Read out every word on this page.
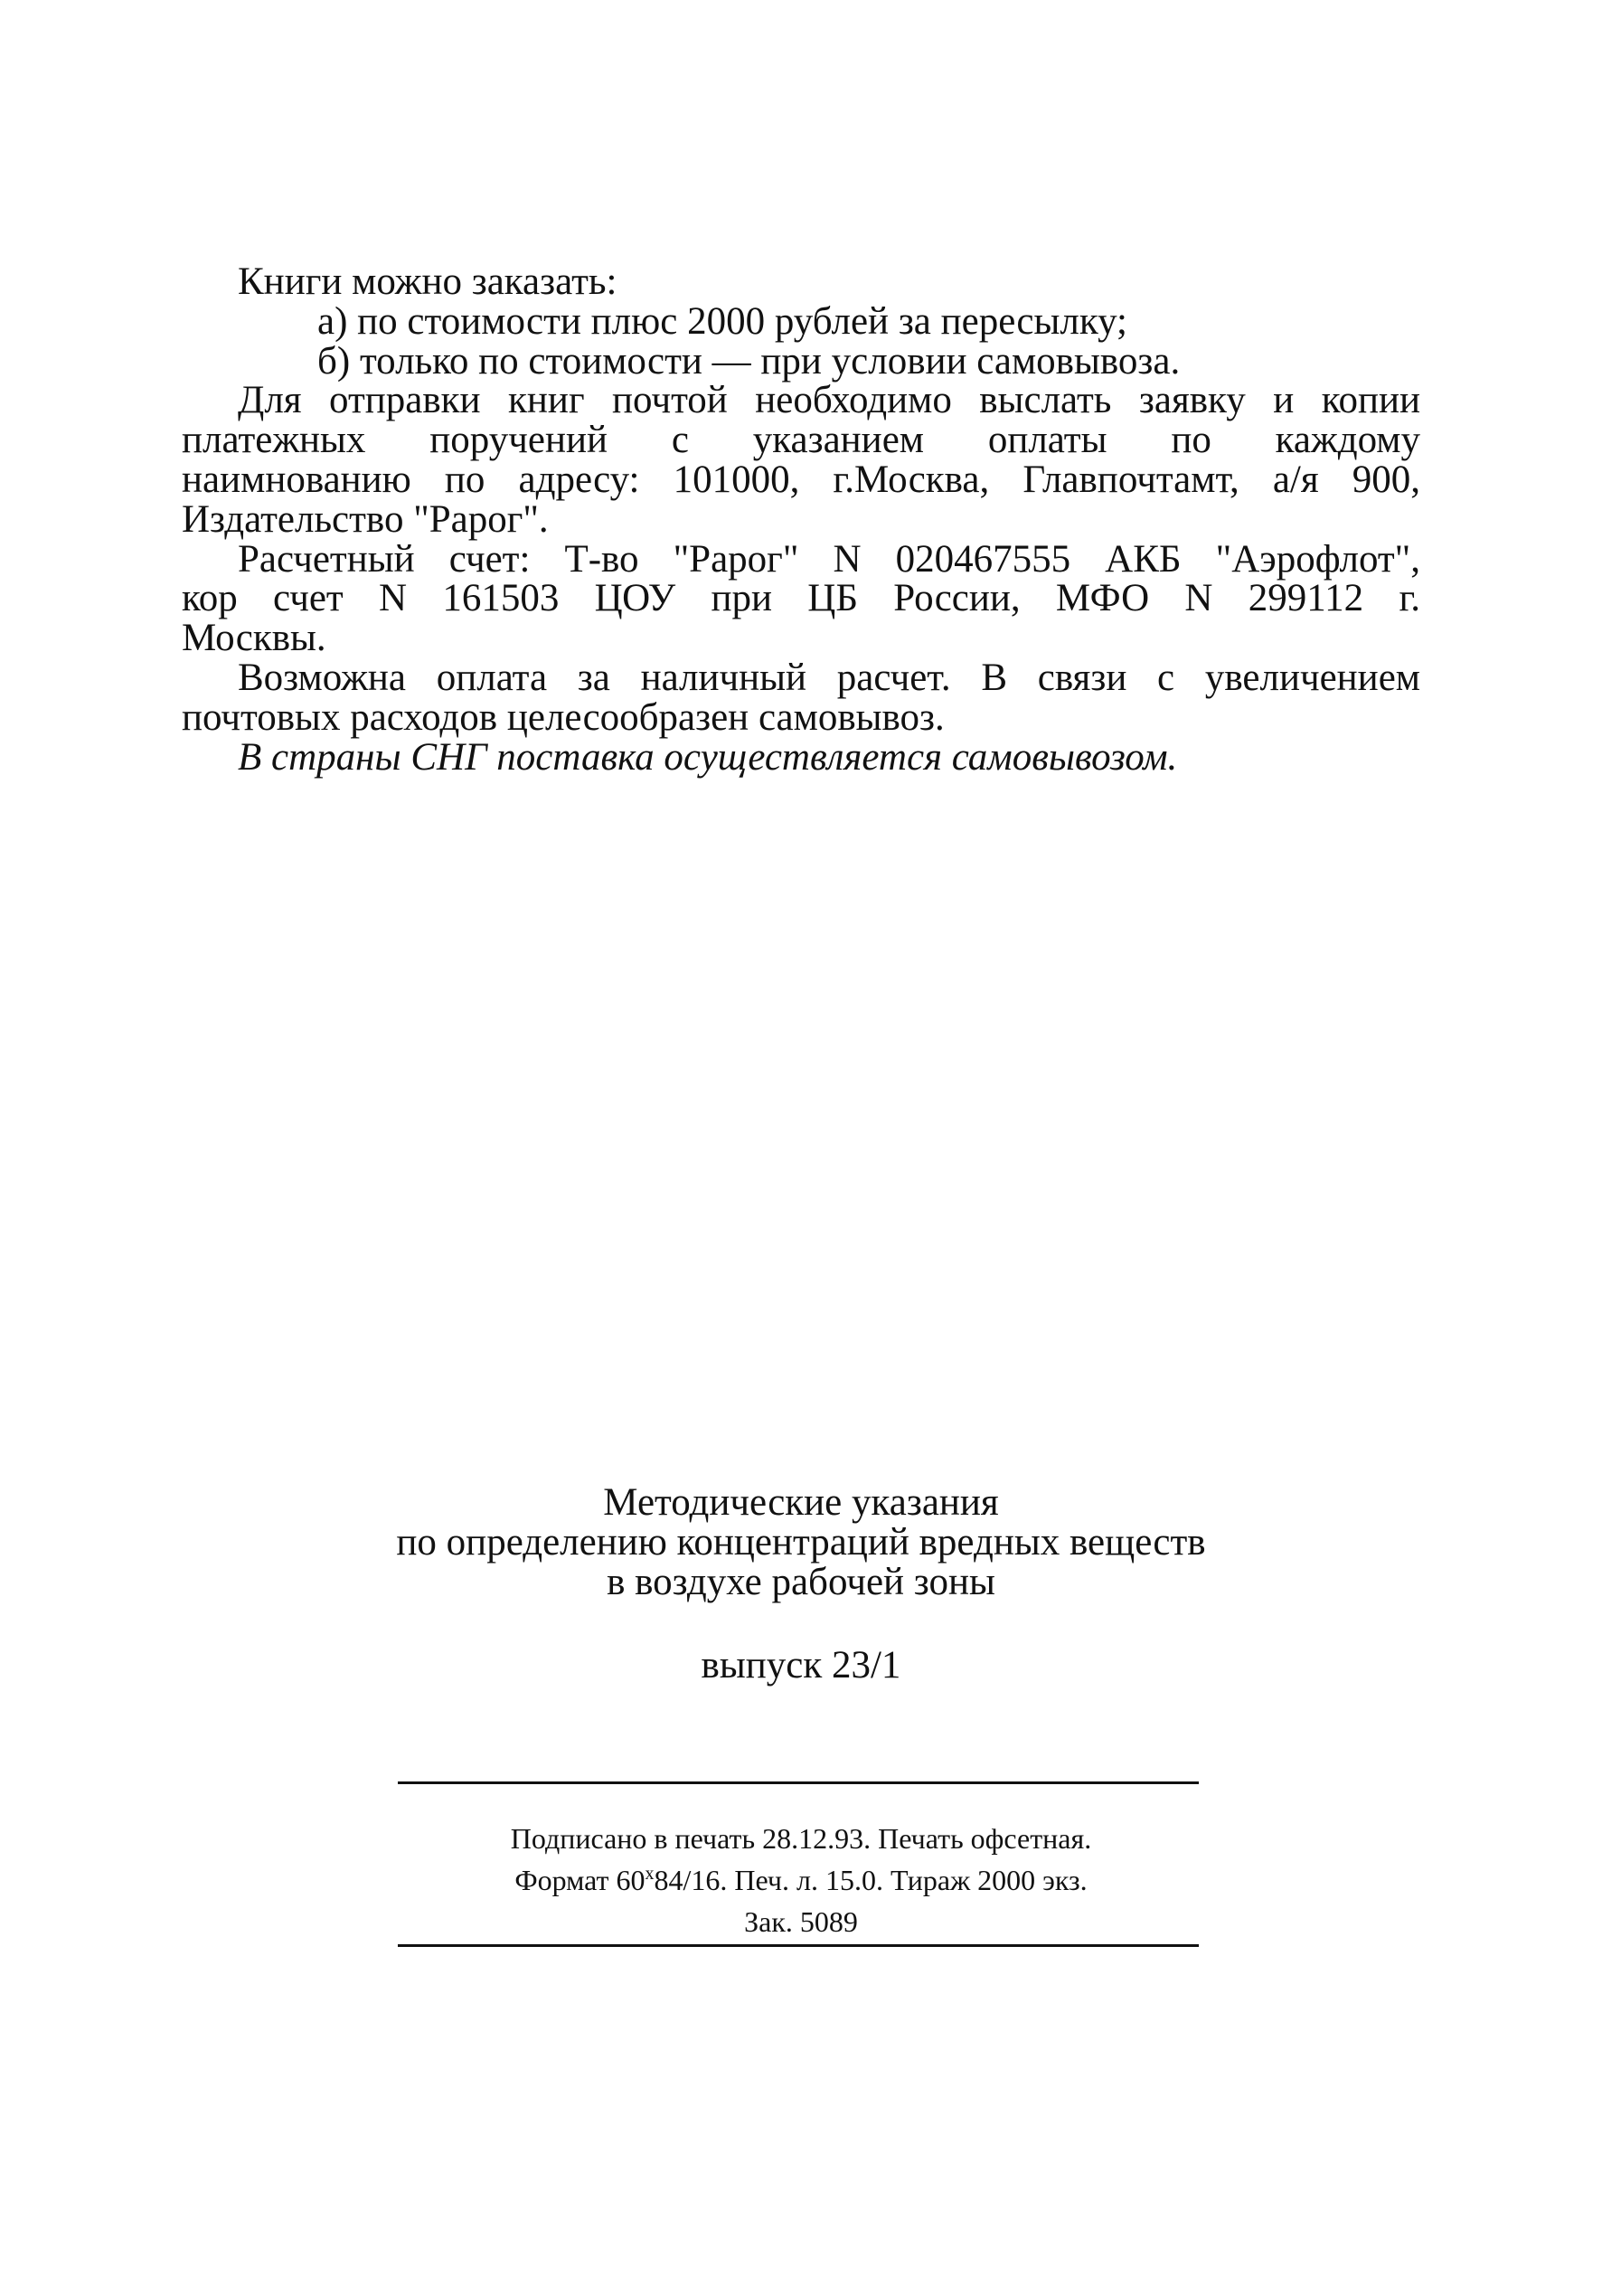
Книги можно заказать:

а) по стоимости плюс 2000 рублей за пересылку;

б) только по стоимости — при условии самовывоза.

Для отправки книг почтой необходимо выслать заявку и копии

платежных поручений с указанием оплаты по каждому

наимнованию по адресу: 101000, г.Москва, Главпочтамт, а/я 900,

Издательство "Рарог".

Расчетный счет: Т-во "Рарог" N 020467555 АКБ "Аэрофлот",

кор счет N 161503 ЦОУ при ЦБ России, МФО N 299112 г.

Москвы.

Возможна оплата за наличный расчет. В связи с увеличением

почтовых расходов целесообразен самовывоз.

В страны СНГ поставка осуществляется самовывозом.

Методические указания
по определению концентраций вредных веществ
в воздухе рабочей зоны
выпуск 23/1
Подписано в печать 28.12.93. Печать офсетная.
Формат 60$^x$84/16. Печ. л. 15.0. Тираж 2000 экз.
Зак. 5089
